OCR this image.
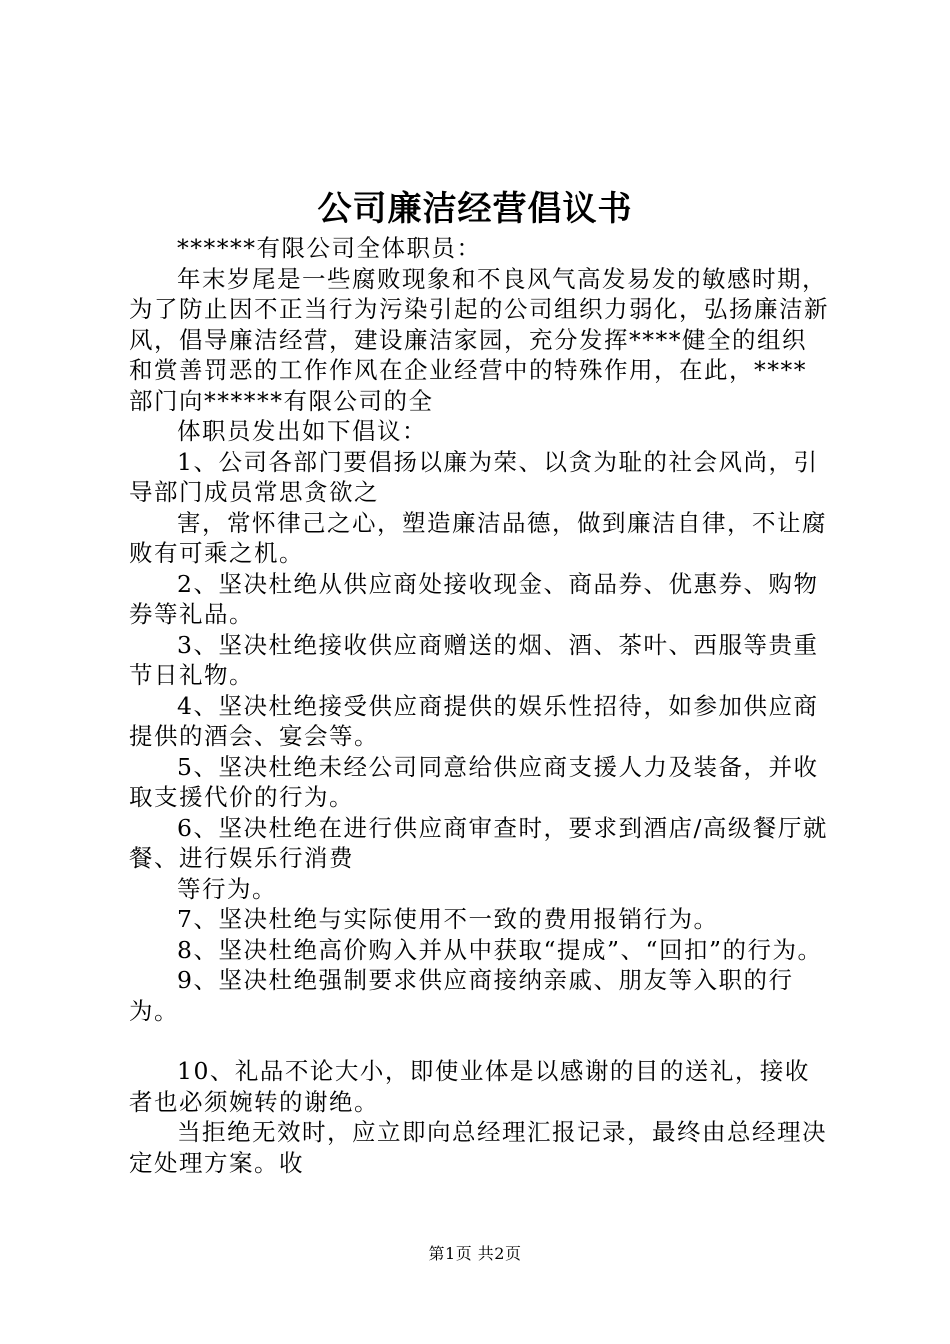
公司廉洁经营倡议书

******有限公司全体职员：

年末岁尾是一些腐败现象和不良风气高发易发的敏感时期，为了防止因不正当行为污染引起的公司组织力弱化，弘扬廉洁新风，倡导廉洁经营，建设廉洁家园，充分发挥****健全的组织和赏善罚恶的工作作风在企业经营中的特殊作用，在此，****部门向******有限公司的全

体职员发出如下倡议：

1、公司各部门要倡扬以廉为荣、以贪为耻的社会风尚，引导部门成员常思贪欲之

害，常怀律己之心，塑造廉洁品德，做到廉洁自律，不让腐败有可乘之机。

2、坚决杜绝从供应商处接收现金、商品券、优惠券、购物券等礼品。

3、坚决杜绝接收供应商赠送的烟、酒、茶叶、西服等贵重节日礼物。

4、坚决杜绝接受供应商提供的娱乐性招待，如参加供应商提供的酒会、宴会等。

5、坚决杜绝未经公司同意给供应商支援人力及装备，并收取支援代价的行为。

6、坚决杜绝在进行供应商审查时，要求到酒店/高级餐厅就餐、进行娱乐行消费

等行为。

7、坚决杜绝与实际使用不一致的费用报销行为。

8、坚决杜绝高价购入并从中获取“提成”、“回扣”的行为。

9、坚决杜绝强制要求供应商接纳亲戚、朋友等入职的行为。

10、礼品不论大小，即使业体是以感谢的目的送礼，接收者也必须婉转的谢绝。

当拒绝无效时，应立即向总经理汇报记录，最终由总经理决定处理方案。收

第1页 共2页
